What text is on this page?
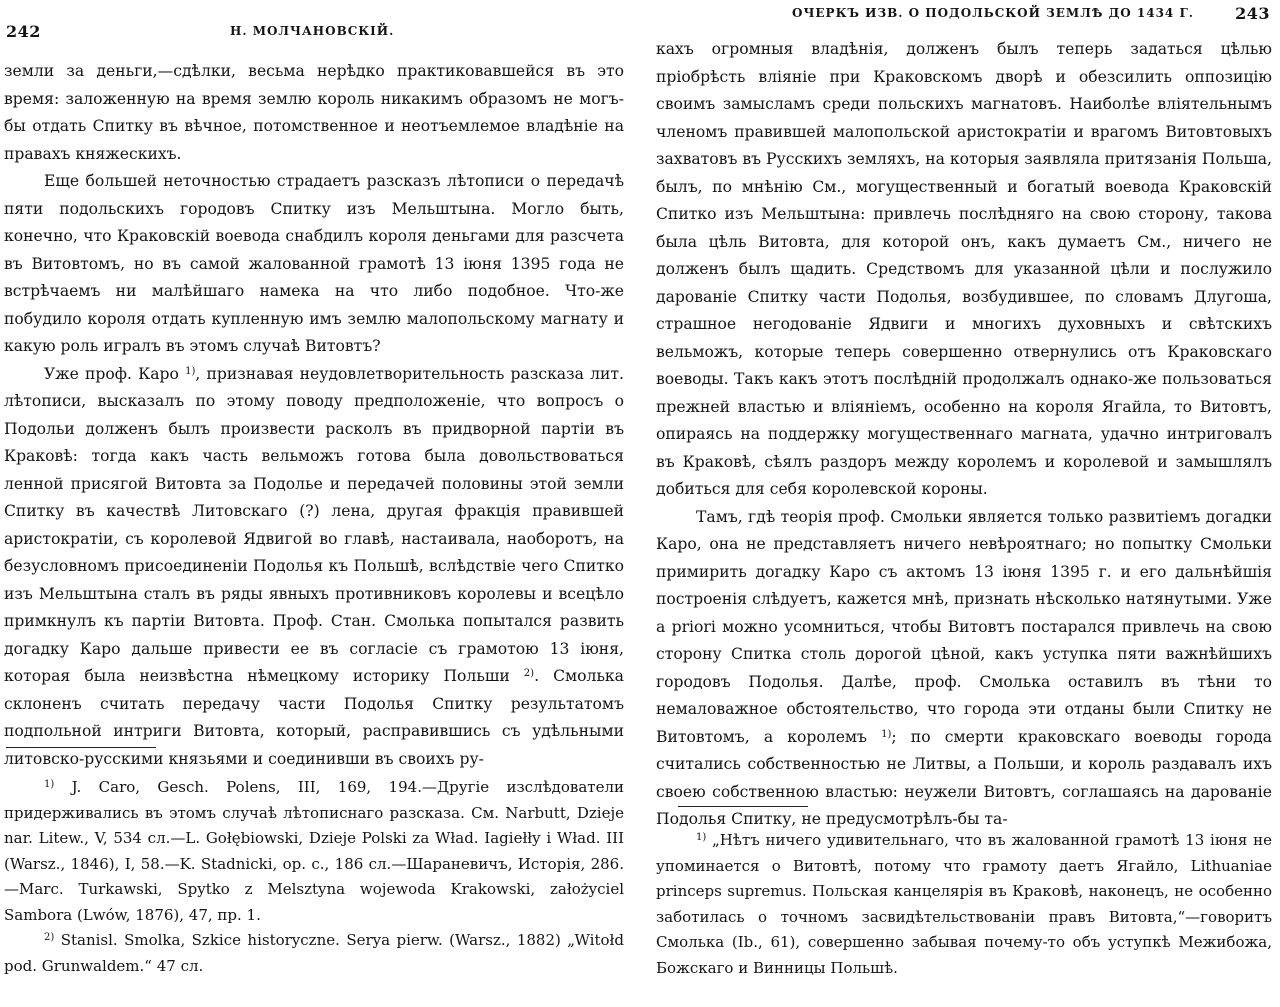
242	Н. МОЛЧАНОВСКІЙ.

земли за деньги,—сдѣлки, весьма нерѣдко практиковавшейся въ это время: заложенную на время землю король никакимъ образомъ не могъ-бы отдать Спитку въ вѣчное, потомственное и неотъемлемое владѣніе на правахъ княжескихъ.

Еще большей неточностью страдаетъ разсказъ лѣтописи о передачѣ пяти подольскихъ городовъ Спитку изъ Мельштына. Могло быть, конечно, что Краковскій воевода снабдилъ короля деньгами для разсчета въ Витовтомъ, но въ самой жалованной грамотѣ 13 іюня 1395 года не встрѣчаемъ ни малѣйшаго намека на что либо подобное. Что-же побудило короля отдать купленную имъ землю малопольскому магнату и какую роль игралъ въ этомъ случаѣ Витовтъ?

Уже проф. Каро $^{1)}$, признавая неудовлетворительность разсказа лит. лѣтописи, высказалъ по этому поводу предположеніе, что вопросъ о Подольи долженъ былъ произвести расколъ въ придворной партіи въ Краковѣ: тогда какъ часть вельможъ готова была довольствоваться ленной присягой Витовта за Подолье и передачей половины этой земли Спитку въ качествѣ Литовскаго (?) лена, другая фракція правившей аристократіи, съ королевой Ядвигой во главѣ, настаивала, наоборотъ, на безусловномъ присоединеніи Подолья къ Польшѣ, вслѣдствіе чего Спитко изъ Мельштына сталъ въ ряды явныхъ противниковъ королевы и всецѣло примкнулъ къ партіи Витовта. Проф. Стан. Смолька попытался развить догадку Каро дальше привести ее въ согласіе съ грамотою 13 іюня, которая была неизвѣстна нѣмецкому историку Польши $^{2)}$. Смолька склоненъ считать передачу части Подолья Спитку результатомъ подпольной интриги Витовта, который, расправившись съ удѣльными литовско-русскими князьями и соединивши въ своихъ ру-

$^{1)}$ J. Caro, Gesch. Polens, III, 169, 194.—Другіе изслѣдователи придерживались въ этомъ случаѣ лѣтописнаго разсказа. См. Narbutt, Dzieje nar. Litew., V, 534 сл.—L. Gołębiowski, Dzieje Polski za Wład. Iagiełły i Wład. III (Warsz., 1846), I, 58.—K. Stadnicki, op. c., 186 сл.—Шараневичъ, Исторія, 286.—Marc. Turkawski, Spytko z Melsztyna wojewoda Krakowski, założyciel Sambora (Lwów, 1876), 47, пр. 1.

$^{2)}$ Stanisl. Smolka, Szkice historyczne. Serya pierw. (Warsz., 1882) „Witołd pod. Grunwaldem.“ 47 сл.

ОЧЕРКЪ ИЗВ. О ПОДОЛЬСКОЙ ЗЕМЛѢ ДО 1434 Г.	243

кахъ огромныя владѣнія, долженъ былъ теперь задаться цѣлью пріобрѣсть вліяніе при Краковскомъ дворѣ и обезсилить оппозицію своимъ замысламъ среди польскихъ магнатовъ. Наиболѣе вліятельнымъ членомъ правившей малопольской аристократіи и врагомъ Витовтовыхъ захватовъ въ Русскихъ земляхъ, на которыя заявляла притязанія Польша, былъ, по мнѣнію См., могущественный и богатый воевода Краковскій Спитко изъ Мельштына: привлечь послѣдняго на свою сторону, такова была цѣль Витовта, для которой онъ, какъ думаетъ См., ничего не долженъ былъ щадить. Средствомъ для указанной цѣли и послужило дарованіе Спитку части Подолья, возбудившее, по словамъ Длугоша, страшное негодованіе Ядвиги и многихъ духовныхъ и свѣтскихъ вельможъ, которые теперь совершенно отвернулись отъ Краковскаго воеводы. Такъ какъ этотъ послѣдній продолжалъ однако-же пользоваться прежней властью и вліяніемъ, особенно на короля Ягайла, то Витовтъ, опираясь на поддержку могущественнаго магната, удачно интриговалъ въ Краковѣ, сѣялъ раздоръ между королемъ и королевой и замышлялъ добиться для себя королевской короны.

Тамъ, гдѣ теорія проф. Смольки является только развитіемъ догадки Каро, она не представляетъ ничего невѣроятнаго; но попытку Смольки примирить догадку Каро съ актомъ 13 іюня 1395 г. и его дальнѣйшія построенія слѣдуетъ, кажется мнѣ, признать нѣсколько натянутыми. Уже a priori можно усомниться, чтобы Витовтъ постарался привлечь на свою сторону Спитка столь дорогой цѣной, какъ уступка пяти важнѣйшихъ городовъ Подолья. Далѣе, проф. Смолька оставилъ въ тѣни то немаловажное обстоятельство, что города эти отданы были Спитку не Витовтомъ, а королемъ $^{1)}$; по смерти краковскаго воеводы города считались собственностью не Литвы, а Польши, и король раздавалъ ихъ своею собственною властью: неужели Витовтъ, соглашаясь на дарованіе Подолья Спитку, не предусмотрѣлъ-бы та-

$^{1)}$ „Нѣтъ ничего удивительнаго, что въ жалованной грамотѣ 13 іюня не упоминается о Витовтѣ, потому что грамоту даетъ Ягайло, Lithuaniae princeps supremus. Польская канцелярія въ Краковѣ, наконецъ, не особенно заботилась о точномъ засвидѣтельствованіи правъ Витовта,“—говоритъ Смолька (Ib., 61), совершенно забывая почему-то объ уступкѣ Межибожа, Божскаго и Винницы Польшѣ.
